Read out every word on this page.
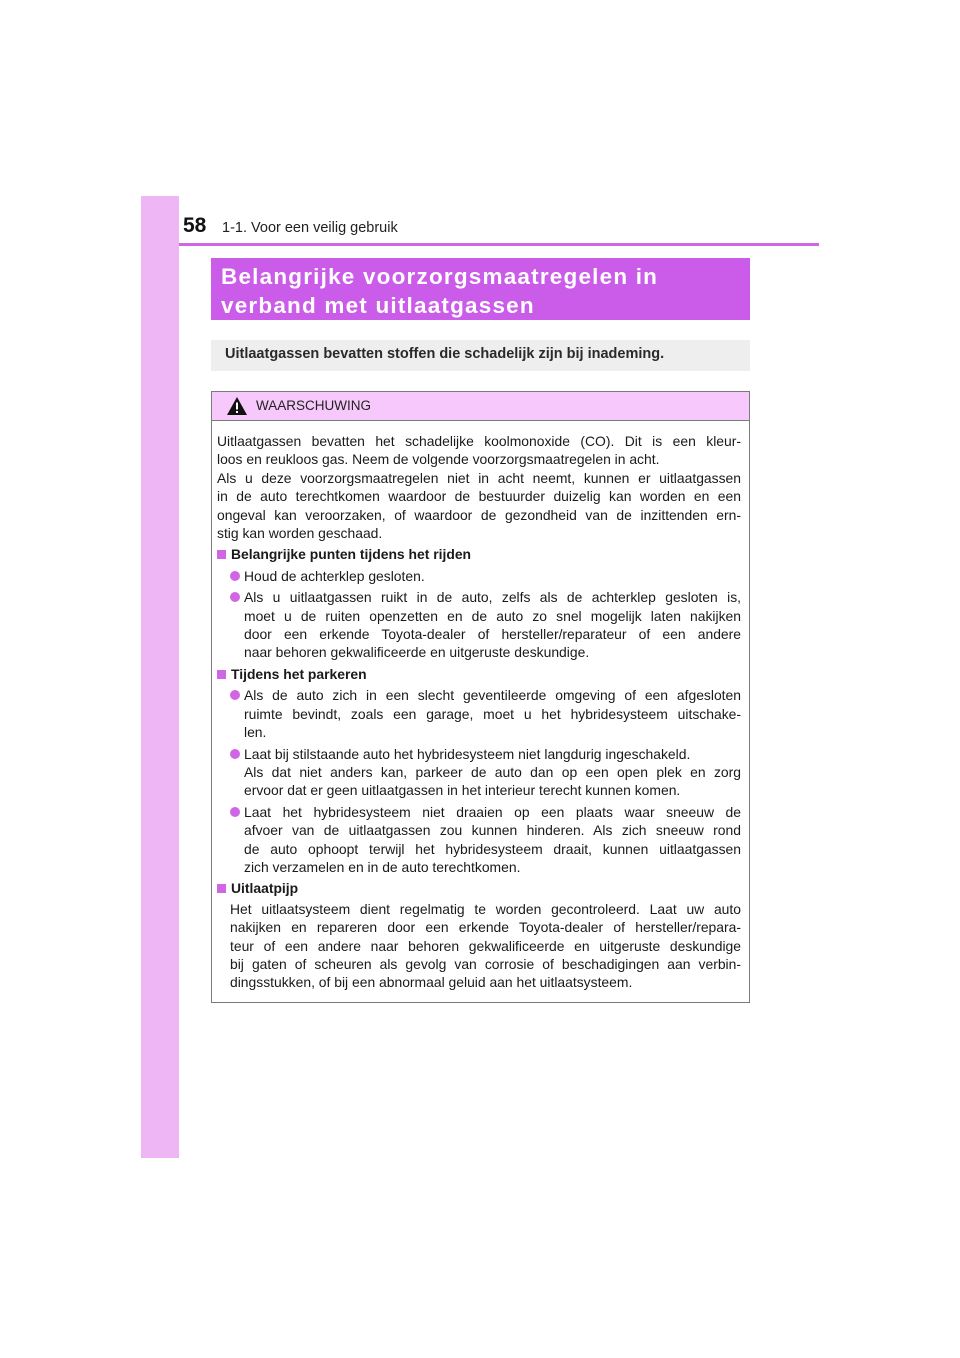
58 1-1. Voor een veilig gebruik
Belangrijke voorzorgsmaatregelen in
verband met uitlaatgassen
Uitlaatgassen bevatten stoffen die schadelijk zijn bij inademing.
WAARSCHUWING
Uitlaatgassen bevatten het schadelijke koolmonoxide (CO). Dit is een kleur-
loos en reukloos gas. Neem de volgende voorzorgsmaatregelen in acht.
Als u deze voorzorgsmaatregelen niet in acht neemt, kunnen er uitlaatgassen
in de auto terechtkomen waardoor de bestuurder duizelig kan worden en een
ongeval kan veroorzaken, of waardoor de gezondheid van de inzittenden ern-
stig kan worden geschaad.
Belangrijke punten tijdens het rijden
Houd de achterklep gesloten.
Als u uitlaatgassen ruikt in de auto, zelfs als de achterklep gesloten is,
moet u de ruiten openzetten en de auto zo snel mogelijk laten nakijken
door een erkende Toyota-dealer of hersteller/reparateur of een andere
naar behoren gekwalificeerde en uitgeruste deskundige.
Tijdens het parkeren
Als de auto zich in een slecht geventileerde omgeving of een afgesloten
ruimte bevindt, zoals een garage, moet u het hybridesysteem uitschake-
len.
Laat bij stilstaande auto het hybridesysteem niet langdurig ingeschakeld.
Als dat niet anders kan, parkeer de auto dan op een open plek en zorg
ervoor dat er geen uitlaatgassen in het interieur terecht kunnen komen.
Laat het hybridesysteem niet draaien op een plaats waar sneeuw de
afvoer van de uitlaatgassen zou kunnen hinderen. Als zich sneeuw rond
de auto ophoopt terwijl het hybridesysteem draait, kunnen uitlaatgassen
zich verzamelen en in de auto terechtkomen.
Uitlaatpijp
Het uitlaatsysteem dient regelmatig te worden gecontroleerd. Laat uw auto
nakijken en repareren door een erkende Toyota-dealer of hersteller/repara-
teur of een andere naar behoren gekwalificeerde en uitgeruste deskundige
bij gaten of scheuren als gevolg van corrosie of beschadigingen aan verbin-
dingsstukken, of bij een abnormaal geluid aan het uitlaatsysteem.
